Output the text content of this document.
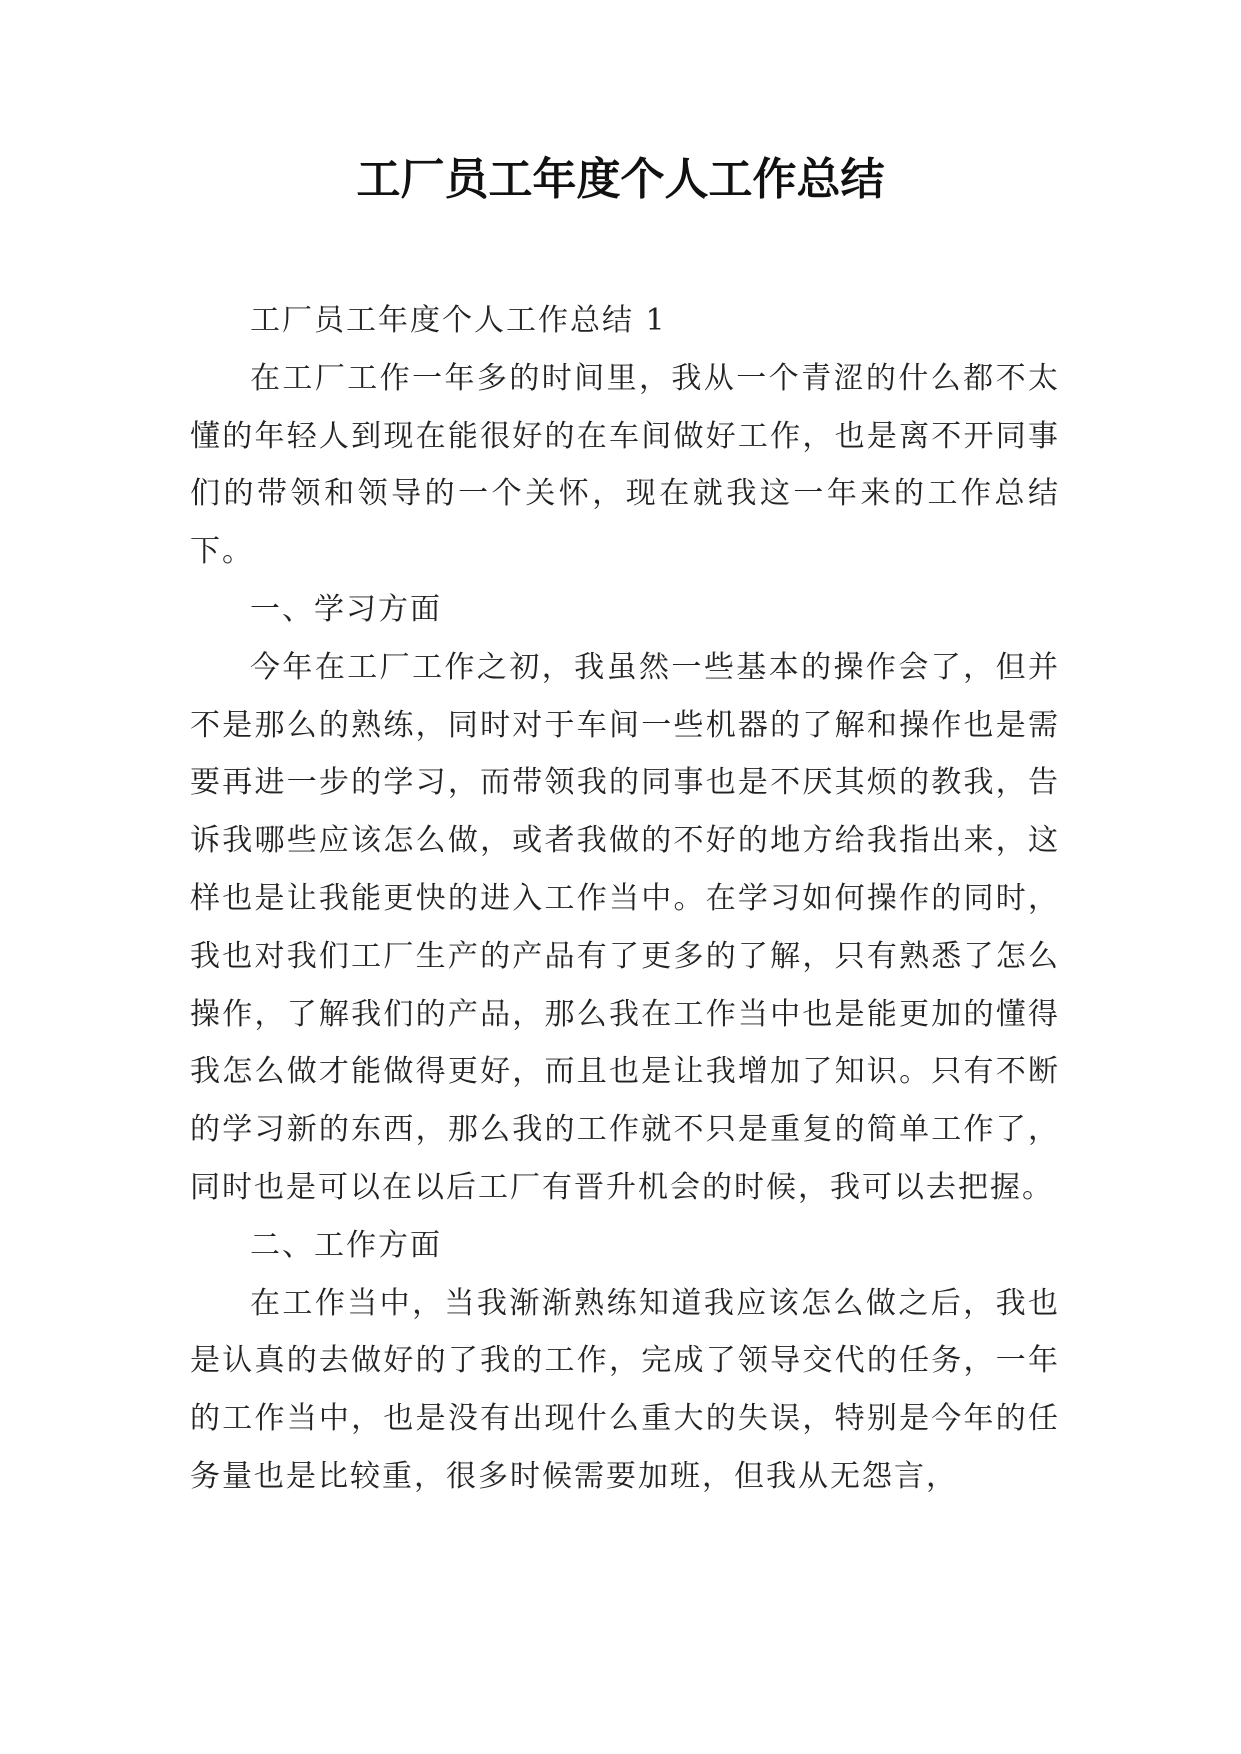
工厂员工年度个人工作总结

工厂员工年度个人工作总结 1

在工厂工作一年多的时间里，我从一个青涩的什么都不太懂的年轻人到现在能很好的在车间做好工作，也是离不开同事们的带领和领导的一个关怀，现在就我这一年来的工作总结下。

一、学习方面

今年在工厂工作之初，我虽然一些基本的操作会了，但并不是那么的熟练，同时对于车间一些机器的了解和操作也是需要再进一步的学习，而带领我的同事也是不厌其烦的教我，告诉我哪些应该怎么做，或者我做的不好的地方给我指出来，这样也是让我能更快的进入工作当中。在学习如何操作的同时，我也对我们工厂生产的产品有了更多的了解，只有熟悉了怎么操作，了解我们的产品，那么我在工作当中也是能更加的懂得我怎么做才能做得更好，而且也是让我增加了知识。只有不断的学习新的东西，那么我的工作就不只是重复的简单工作了，同时也是可以在以后工厂有晋升机会的时候，我可以去把握。

二、工作方面

在工作当中，当我渐渐熟练知道我应该怎么做之后，我也是认真的去做好的了我的工作，完成了领导交代的任务，一年的工作当中，也是没有出现什么重大的失误，特别是今年的任务量也是比较重，很多时候需要加班，但我从无怨言，
